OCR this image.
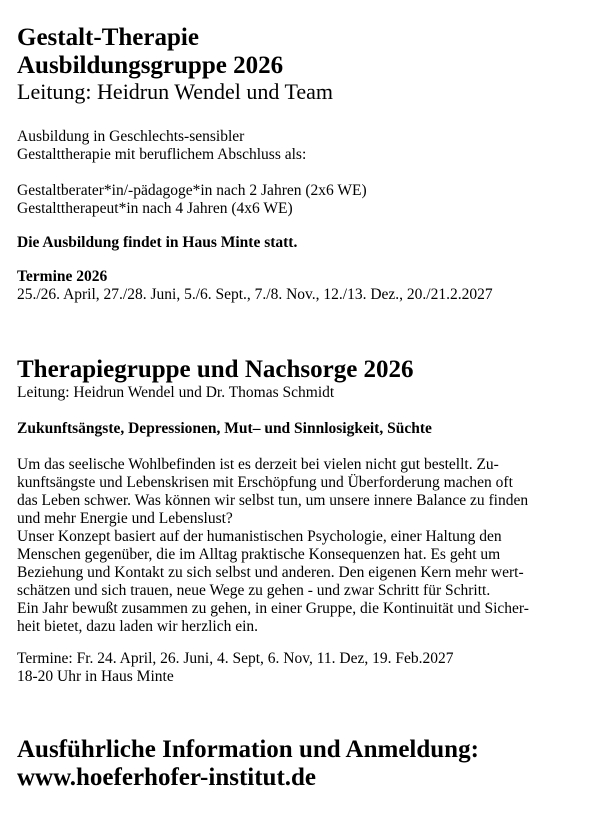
Gestalt-Therapie

Ausbildungsgruppe 2026

Leitung: Heidrun Wendel und Team

Ausbildung in Geschlechts-sensibler

Gestalttherapie mit beruflichem Abschluss als:

Gestaltberater*in/-pädagoge*in nach 2 Jahren (2x6 WE)

Gestalttherapeut*in nach 4 Jahren (4x6 WE)

Die Ausbildung findet in Haus Minte statt.

Termine 2026

25./26. April, 27./28. Juni, 5./6. Sept., 7./8. Nov., 12./13. Dez., 20./21.2.2027

Therapiegruppe und Nachsorge 2026

Leitung: Heidrun Wendel und Dr. Thomas Schmidt

Zukunftsängste, Depressionen, Mut– und Sinnlosigkeit, Süchte

Um das seelische Wohlbefinden ist es derzeit bei vielen nicht gut bestellt. Zu-

kunftsängste und Lebenskrisen mit Erschöpfung und Überforderung machen oft

das Leben schwer. Was können wir selbst tun, um unsere innere Balance zu finden

und mehr Energie und Lebenslust?

Unser Konzept basiert auf der humanistischen Psychologie, einer Haltung den

Menschen gegenüber, die im Alltag praktische Konsequenzen hat. Es geht um

Beziehung und Kontakt zu sich selbst und anderen. Den eigenen Kern mehr wert-

schätzen und sich trauen, neue Wege zu gehen - und zwar Schritt für Schritt.

Ein Jahr bewußt zusammen zu gehen, in einer Gruppe, die Kontinuität und Sicher-

heit bietet, dazu laden wir herzlich ein.

Termine: Fr. 24. April, 26. Juni, 4. Sept, 6. Nov, 11. Dez, 19. Feb.2027

18-20 Uhr in Haus Minte

Ausführliche Information und Anmeldung:

www.hoeferhofer-institut.de
